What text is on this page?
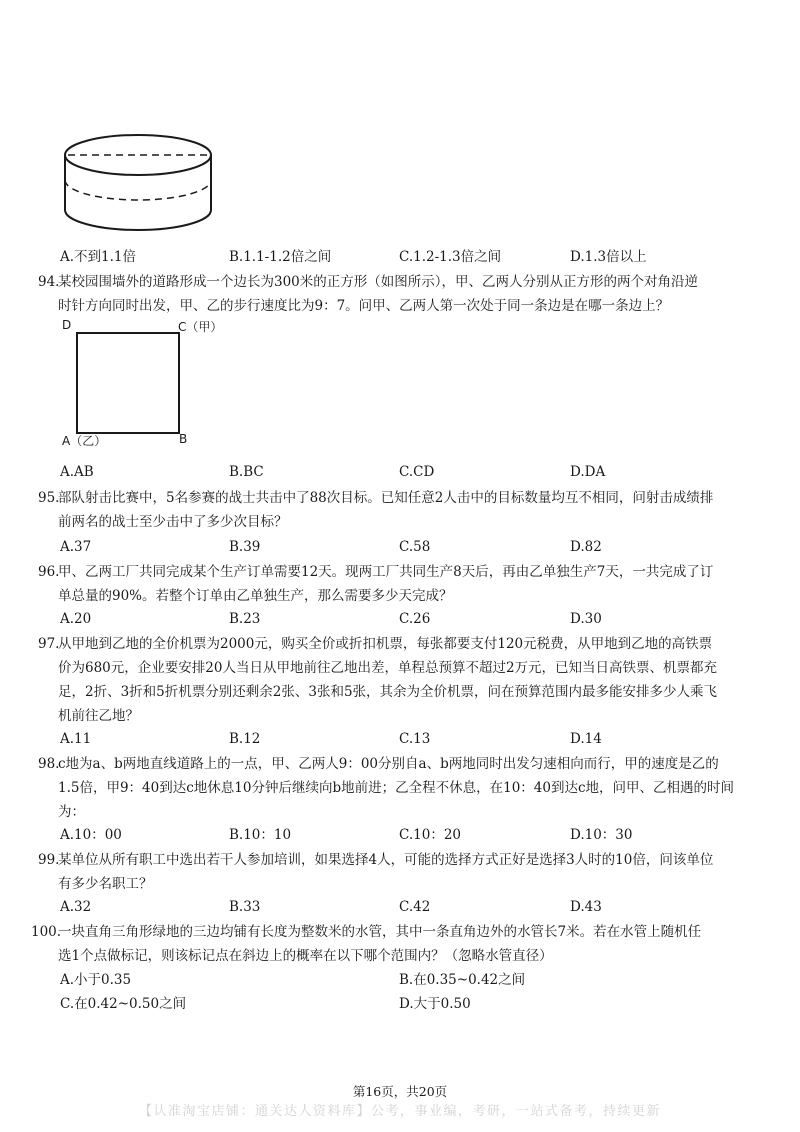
A.不到1.1倍	B.1.1-1.2倍之间	C.1.2-1.3倍之间	D.1.3倍以上
94.
某校园围墙外的道路形成一个边长为300米的正方形（如图所示），甲、乙两人分别从正方形的两个对角沿逆
时针方向同时出发，甲、乙的步行速度比为9：7。问甲、乙两人第一次处于同一条边是在哪一条边上？
D	C（甲）
A（乙）	B
A.AB	B.BC	C.CD	D.DA
95.
部队射击比赛中，5名参赛的战士共击中了88次目标。已知任意2人击中的目标数量均互不相同，问射击成绩排
前两名的战士至少击中了多少次目标？
A.37	B.39	C.58	D.82
96.
甲、乙两工厂共同完成某个生产订单需要12天。现两工厂共同生产8天后，再由乙单独生产7天，一共完成了订
单总量的90%。若整个订单由乙单独生产，那么需要多少天完成？
A.20	B.23	C.26	D.30
97.
从甲地到乙地的全价机票为2000元，购买全价或折扣机票，每张都要支付120元税费，从甲地到乙地的高铁票
价为680元，企业要安排20人当日从甲地前往乙地出差，单程总预算不超过2万元，已知当日高铁票、机票都充
足，2折、3折和5折机票分别还剩余2张、3张和5张，其余为全价机票，问在预算范围内最多能安排多少人乘飞
机前往乙地？
A.11	B.12	C.13	D.14
98.
c地为a、b两地直线道路上的一点，甲、乙两人9：00分别自a、b两地同时出发匀速相向而行，甲的速度是乙的
1.5倍，甲9：40到达c地休息10分钟后继续向b地前进；乙全程不休息，在10：40到达c地，问甲、乙相遇的时间
为：
A.10：00	B.10：10	C.10：20	D.10：30
99.
某单位从所有职工中选出若干人参加培训，如果选择4人，可能的选择方式正好是选择3人时的10倍，问该单位
有多少名职工？
A.32	B.33	C.42	D.43
100.
一块直角三角形绿地的三边均铺有长度为整数米的水管，其中一条直角边外的水管长7米。若在水管上随机任
选1个点做标记，则该标记点在斜边上的概率在以下哪个范围内？（忽略水管直径）
A.小于0.35	B.在0.35~0.42之间
C.在0.42~0.50之间	D.大于0.50
第16页，共20页
【认准淘宝店铺：通关达人资料库】公考，事业编，考研，一站式备考，持续更新
